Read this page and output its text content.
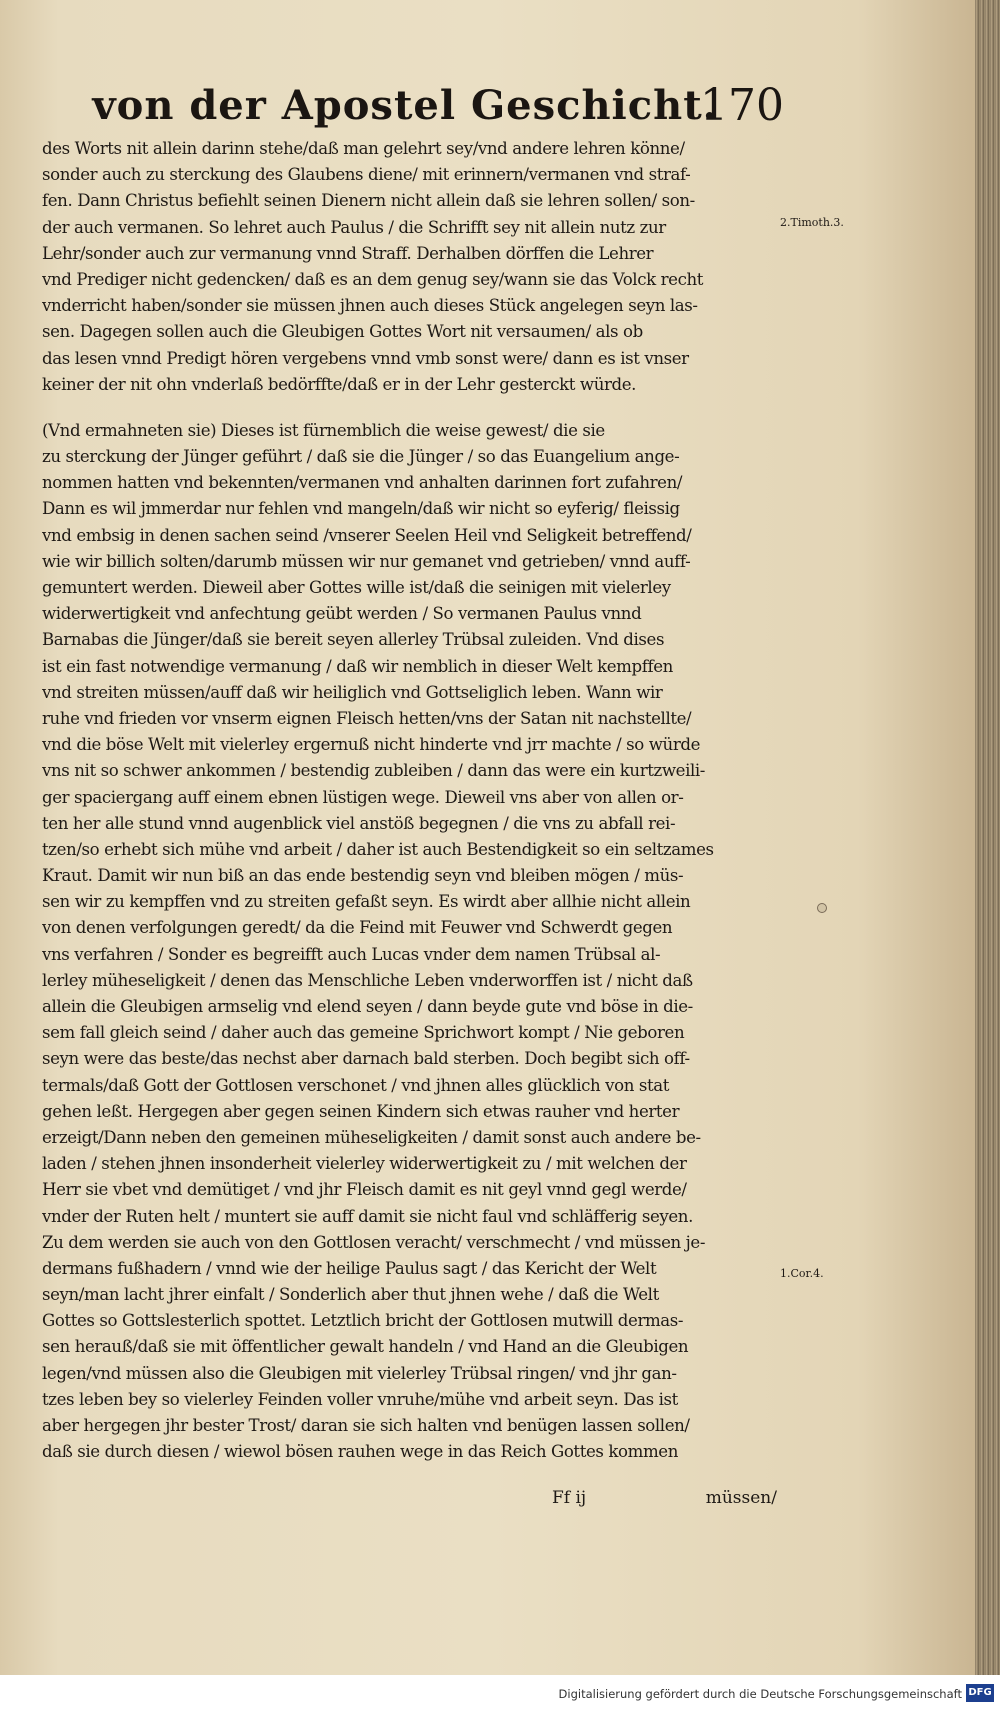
von der Apostel Geschicht.
170
des Worts nit allein darinn stehe/daß man gelehrt sey/vnd andere lehren könne/
sonder auch zu sterckung des Glaubens diene/ mit erinnern/vermanen vnd straf-
fen. Dann Christus befiehlt seinen Dienern nicht allein daß sie lehren sollen/ son-
der auch vermanen. So lehret auch Paulus / die Schrifft sey nit allein nutz zur
Lehr/sonder auch zur vermanung vnnd Straff. Derhalben dörffen die Lehrer
vnd Prediger nicht gedencken/ daß es an dem genug sey/wann sie das Volck recht
vnderricht haben/sonder sie müssen jhnen auch dieses Stück angelegen seyn las-
sen. Dagegen sollen auch die Gleubigen Gottes Wort nit versaumen/ als ob
das lesen vnnd Predigt hören vergebens vnnd vmb sonst were/ dann es ist vnser
keiner der nit ohn vnderlaß bedörffte/daß er in der Lehr gesterckt würde.
(Vnd ermahneten sie) Dieses ist fürnemblich die weise gewest/ die sie
zu sterckung der Jünger geführt / daß sie die Jünger / so das Euangelium ange-
nommen hatten vnd bekennten/vermanen vnd anhalten darinnen fort zufahren/
Dann es wil jmmerdar nur fehlen vnd mangeln/daß wir nicht so eyferig/ fleissig
vnd embsig in denen sachen seind /vnserer Seelen Heil vnd Seligkeit betreffend/
wie wir billich solten/darumb müssen wir nur gemanet vnd getrieben/ vnnd auff-
gemuntert werden. Dieweil aber Gottes wille ist/daß die seinigen mit vielerley
widerwertigkeit vnd anfechtung geübt werden / So vermanen Paulus vnnd
Barnabas die Jünger/daß sie bereit seyen allerley Trübsal zuleiden. Vnd dises
ist ein fast notwendige vermanung / daß wir nemblich in dieser Welt kempffen
vnd streiten müssen/auff daß wir heiliglich vnd Gottseliglich leben. Wann wir
ruhe vnd frieden vor vnserm eignen Fleisch hetten/vns der Satan nit nachstellte/
vnd die böse Welt mit vielerley ergernuß nicht hinderte vnd jrr machte / so würde
vns nit so schwer ankommen / bestendig zubleiben / dann das were ein kurtzweili-
ger spaciergang auff einem ebnen lüstigen wege. Dieweil vns aber von allen or-
ten her alle stund vnnd augenblick viel anstöß begegnen / die vns zu abfall rei-
tzen/so erhebt sich mühe vnd arbeit / daher ist auch Bestendigkeit so ein seltzames
Kraut. Damit wir nun biß an das ende bestendig seyn vnd bleiben mögen / müs-
sen wir zu kempffen vnd zu streiten gefaßt seyn. Es wirdt aber allhie nicht allein
von denen verfolgungen geredt/ da die Feind mit Feuwer vnd Schwerdt gegen
vns verfahren / Sonder es begreifft auch Lucas vnder dem namen Trübsal al-
lerley müheseligkeit / denen das Menschliche Leben vnderworffen ist / nicht daß
allein die Gleubigen armselig vnd elend seyen / dann beyde gute vnd böse in die-
sem fall gleich seind / daher auch das gemeine Sprichwort kompt / Nie geboren
seyn were das beste/das nechst aber darnach bald sterben. Doch begibt sich off-
termals/daß Gott der Gottlosen verschonet / vnd jhnen alles glücklich von stat
gehen leßt. Hergegen aber gegen seinen Kindern sich etwas rauher vnd herter
erzeigt/Dann neben den gemeinen müheseligkeiten / damit sonst auch andere be-
laden / stehen jhnen insonderheit vielerley widerwertigkeit zu / mit welchen der
Herr sie vbet vnd demütiget / vnd jhr Fleisch damit es nit geyl vnnd gegl werde/
vnder der Ruten helt / muntert sie auff damit sie nicht faul vnd schläfferig seyen.
Zu dem werden sie auch von den Gottlosen veracht/ verschmecht / vnd müssen je-
dermans fußhadern / vnnd wie der heilige Paulus sagt / das Kericht der Welt
seyn/man lacht jhrer einfalt / Sonderlich aber thut jhnen wehe / daß die Welt
Gottes so Gottslesterlich spottet. Letztlich bricht der Gottlosen mutwill dermas-
sen herauß/daß sie mit öffentlicher gewalt handeln / vnd Hand an die Gleubigen
legen/vnd müssen also die Gleubigen mit vielerley Trübsal ringen/ vnd jhr gan-
tzes leben bey so vielerley Feinden voller vnruhe/mühe vnd arbeit seyn. Das ist
aber hergegen jhr bester Trost/ daran sie sich halten vnd benügen lassen sollen/
daß sie durch diesen / wiewol bösen rauhen wege in das Reich Gottes kommen
2.Timoth.3.
1.Cor.4.
Ff ij	müssen/
Digitalisierung gefördert durch die Deutsche Forschungsgemeinschaft DFG
